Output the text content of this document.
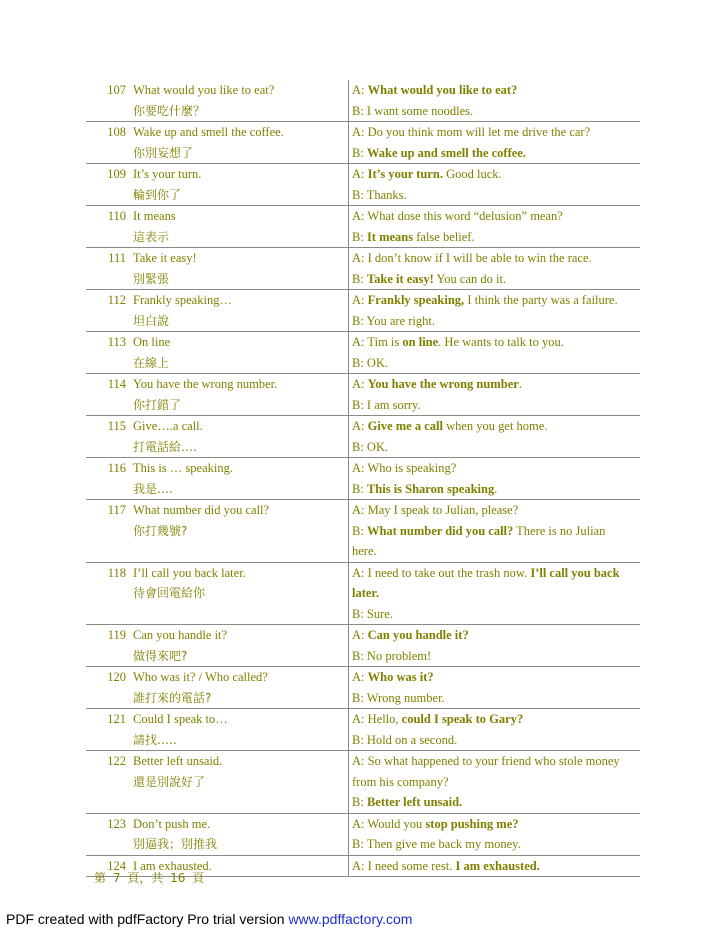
107	What would you like to eat?
你要吃什麼？	A: What would you like to eat?
B: I want some noodles.

108	Wake up and smell the coffee.
你別妄想了	A: Do you think mom will let me drive the car?
B: Wake up and smell the coffee.

109	It’s your turn.
輪到你了	A: It’s your turn. Good luck.
B: Thanks.

110	It means
這表示	A: What dose this word “delusion” mean?
B: It means false belief.

111	Take it easy!
別緊張	A: I don’t know if I will be able to win the race.
B: Take it easy! You can do it.

112	Frankly speaking…
坦白說	A: Frankly speaking, I think the party was a failure.
B: You are right.

113	On line
在線上	A: Tim is on line. He wants to talk to you.
B: OK.

114	You have the wrong number.
你打錯了	A: You have the wrong number.
B: I am sorry.

115	Give….a call.
打電話給….	A: Give me a call when you get home.
B: OK.

116	This is … speaking.
我是….	A: Who is speaking?
B: This is Sharon speaking.

117	What number did you call?
你打幾號?	A: May I speak to Julian, please?
B: What number did you call? There is no Julian
here.

118	I’ll call you back later.
待會回電給你	A: I need to take out the trash now. I’ll call you back
later.
B: Sure.

119	Can you handle it?
做得來吧?	A: Can you handle it?
B: No problem!

120	Who was it? / Who called?
誰打來的電話?	A: Who was it?
B: Wrong number.

121	Could I speak to…
請找…..	A: Hello, could I speak to Gary?
B: Hold on a second.

122	Better left unsaid.
還是別說好了	A: So what happened to your friend who stole money
from his company?
B: Better left unsaid.

123	Don’t push me.
別逼我；別推我	A: Would you stop pushing me?
B: Then give me back my money.

124	I am exhausted.	A: I need some rest. I am exhausted.
第 7 頁，共 16 頁
PDF created with pdfFactory Pro trial version www.pdffactory.com
